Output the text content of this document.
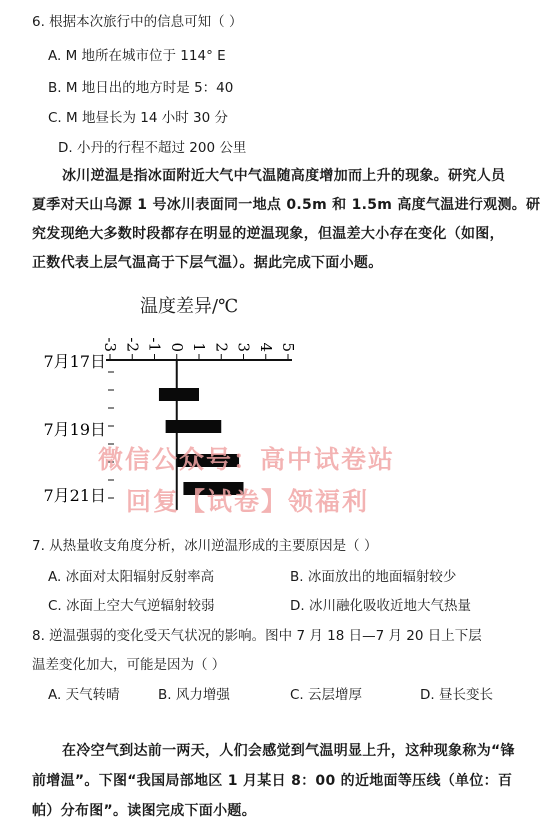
6. 根据本次旅行中的信息可知（ ）
A. M 地所在城市位于 114° E
B. M 地日出的地方时是 5：40
C. M 地昼长为 14 小时 30 分
D. 小丹的行程不超过 200 公里
冰川逆温是指冰面附近大气中气温随高度增加而上升的现象。研究人员
夏季对天山乌源 1 号冰川表面同一地点 0.5m 和 1.5m 高度气温进行观测。研
究发现绝大多数时段都存在明显的逆温现象，但温差大小存在变化（如图，
正数代表上层气温高于下层气温）。据此完成下面小题。
温度差异/℃
-3 -2 -1 0 1 2 3 4 5
7月17日
7月19日
7月21日
微信公众号：高中试卷站
回复【试卷】领福利
7. 从热量收支角度分析，冰川逆温形成的主要原因是（ ）
A. 冰面对太阳辐射反射率高	B. 冰面放出的地面辐射较少
C. 冰面上空大气逆辐射较弱	D. 冰川融化吸收近地大气热量
8. 逆温强弱的变化受天气状况的影响。图中 7 月 18 日—7 月 20 日上下层
温差变化加大，可能是因为（ ）
A. 天气转晴	B. 风力增强	C. 云层增厚	D. 昼长变长
在冷空气到达前一两天，人们会感觉到气温明显上升，这种现象称为“锋
前增温”。下图“我国局部地区 1 月某日 8：00 的近地面等压线（单位：百
帕）分布图”。读图完成下面小题。
